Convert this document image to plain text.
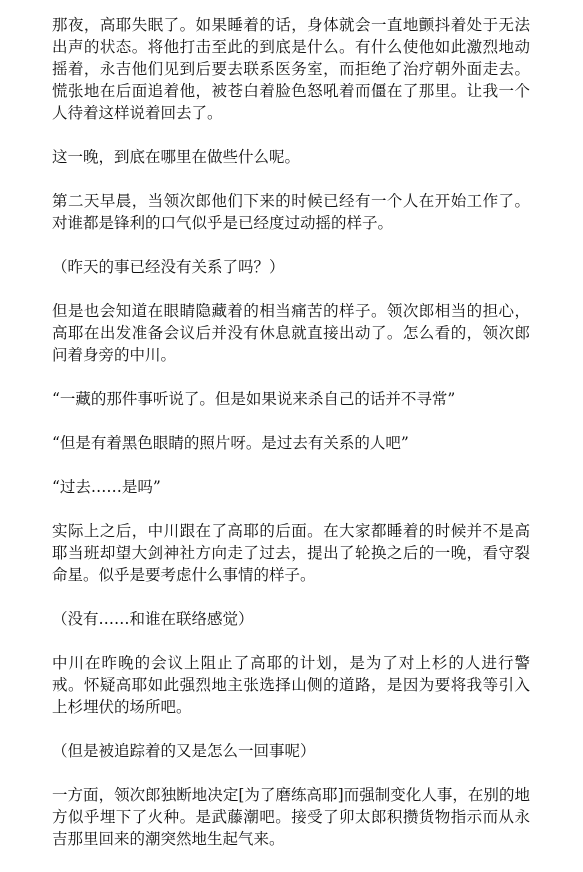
那夜，高耶失眠了。如果睡着的话，身体就会一直地颤抖着处于无法出声的状态。将他打击至此的到底是什么。有什么使他如此激烈地动摇着，永吉他们见到后要去联系医务室，而拒绝了治疗朝外面走去。慌张地在后面追着他，被苍白着脸色怒吼着而僵在了那里。让我一个人待着这样说着回去了。

这一晚，到底在哪里在做些什么呢。

第二天早晨，当领次郎他们下来的时候已经有一个人在开始工作了。对谁都是锋利的口气似乎是已经度过动摇的样子。

（昨天的事已经没有关系了吗？）

但是也会知道在眼睛隐藏着的相当痛苦的样子。领次郎相当的担心，高耶在出发准备会议后并没有休息就直接出动了。怎么看的，领次郎问着身旁的中川。

“一藏的那件事听说了。但是如果说来杀自己的话并不寻常”

“但是有着黑色眼睛的照片呀。是过去有关系的人吧”

“过去……是吗”

实际上之后，中川跟在了高耶的后面。在大家都睡着的时候并不是高耶当班却望大剑神社方向走了过去，提出了轮换之后的一晚，看守裂命星。似乎是要考虑什么事情的样子。

（没有……和谁在联络感觉）

中川在昨晚的会议上阻止了高耶的计划，是为了对上杉的人进行警戒。怀疑高耶如此强烈地主张选择山侧的道路，是因为要将我等引入上杉埋伏的场所吧。

（但是被追踪着的又是怎么一回事呢）

一方面，领次郎独断地决定[为了磨练高耶]而强制变化人事，在别的地方似乎埋下了火种。是武藤潮吧。接受了卯太郎积攒货物指示而从永吉那里回来的潮突然地生起气来。
